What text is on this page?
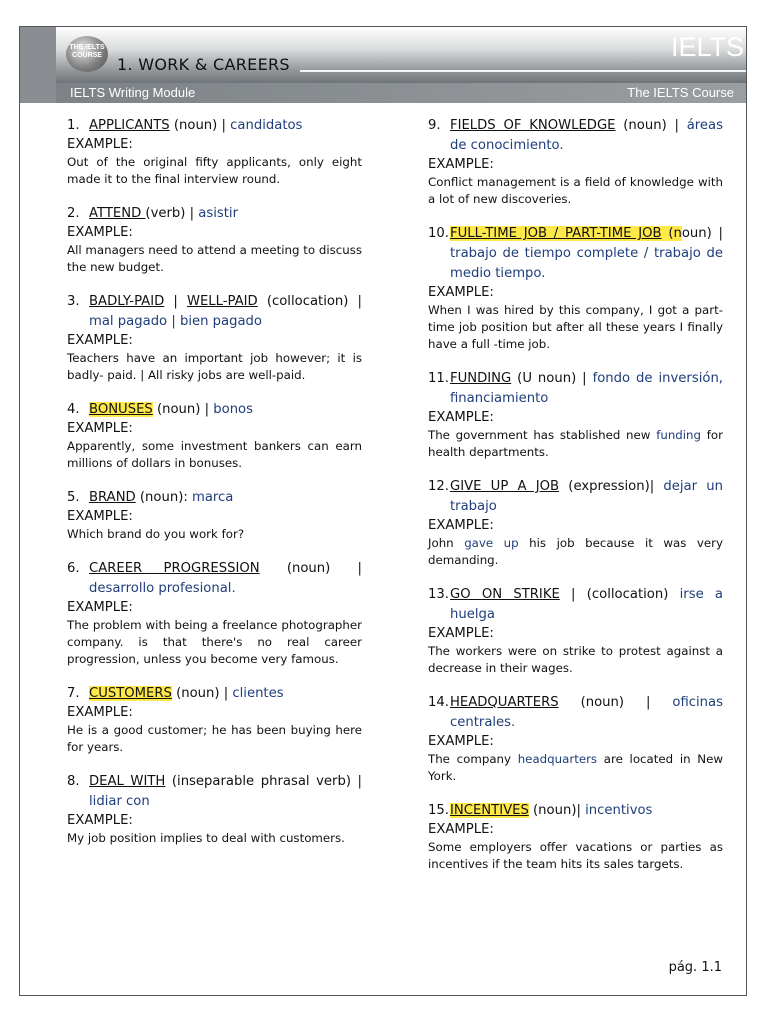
THE IELTS
COURSE 1. WORK & CAREERS
IELTS
IELTS Writing Module	The IELTS Course
1. APPLICANTS (noun) | candidatos
EXAMPLE:
Out of the original fifty applicants, only eight made it to the final interview round.
2. ATTEND (verb) | asistir
EXAMPLE:
All managers need to attend a meeting to discuss the new budget.
3. BADLY-PAID | WELL-PAID (collocation) | mal pagado | bien pagado
EXAMPLE:
Teachers have an important job however; it is badly- paid. | All risky jobs are well-paid.
4. BONUSES (noun) | bonos
EXAMPLE:
Apparently, some investment bankers can earn millions of dollars in bonuses.
5. BRAND (noun): marca
EXAMPLE:
Which brand do you work for?
6. CAREER PROGRESSION (noun) |
desarrollo profesional.
EXAMPLE:
The problem with being a freelance photographer company. is that there's no real career progression, unless you become very famous.
7. CUSTOMERS (noun) | clientes
EXAMPLE:
He is a good customer; he has been buying here for years.
8. DEAL WITH (inseparable phrasal verb) | lidiar con
EXAMPLE:
My job position implies to deal with customers.
9. FIELDS OF KNOWLEDGE (noun) | áreas de conocimiento.
EXAMPLE:
Conflict management is a field of knowledge with a lot of new discoveries.
10.FULL-TIME JOB / PART-TIME JOB (noun) | trabajo de tiempo complete / trabajo de medio tiempo.
EXAMPLE:
When I was hired by this company, I got a part-time job position but after all these years I finally have a full -time job.
11.FUNDING (U noun) | fondo de inversión, financiamiento
EXAMPLE:
The government has stablished new funding for health departments.
12.GIVE UP A JOB (expression)| dejar un trabajo
EXAMPLE:
John gave up his job because it was very demanding.
13.GO ON STRIKE | (collocation) irse a huelga
EXAMPLE:
The workers were on strike to protest against a decrease in their wages.
14.HEADQUARTERS (noun) | oficinas centrales.
EXAMPLE:
The company headquarters are located in New York.
15.INCENTIVES (noun)| incentivos
EXAMPLE:
Some employers offer vacations or parties as incentives if the team hits its sales targets.
pág. 1.1
